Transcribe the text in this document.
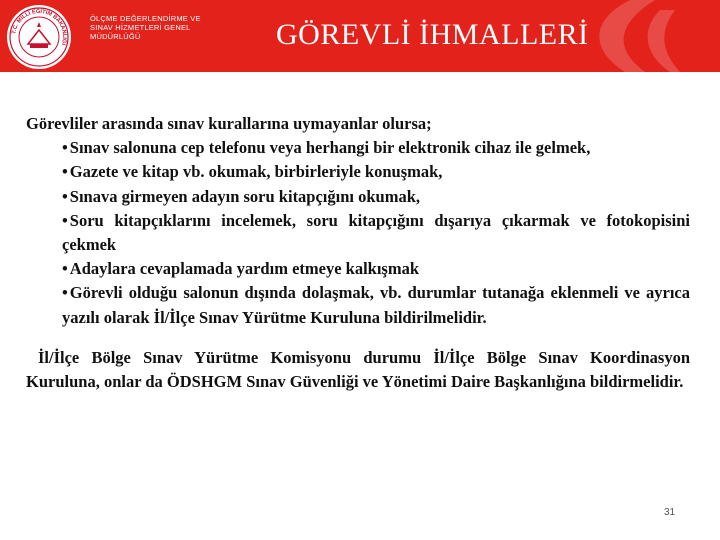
T.C. MİLLÎ EĞİTİM BAKANLIĞI
ÖLÇME DEĞERLENDİRME VE
SINAV HİZMETLERİ GENEL
MÜDÜRLÜĞÜ	GÖREVLİ İHMALLERİ
Görevliler arasında sınav kurallarına uymayanlar olursa;
• Sınav salonuna cep telefonu veya herhangi bir elektronik cihaz ile gelmek,
• Gazete ve kitap vb. okumak, birbirleriyle konuşmak,
• Sınava girmeyen adayın soru kitapçığını okumak,
• Soru kitapçıklarını incelemek, soru kitapçığını dışarıya çıkarmak ve fotokopisini çekmek
• Adaylara cevaplamada yardım etmeye kalkışmak
• Görevli olduğu salonun dışında dolaşmak, vb. durumlar tutanağa eklenmeli ve ayrıca yazılı olarak İl/İlçe Sınav Yürütme Kuruluna bildirilmelidir.
İl/İlçe Bölge Sınav Yürütme Komisyonu durumu İl/İlçe Bölge Sınav Koordinasyon Kuruluna, onlar da ÖDSHGM Sınav Güvenliği ve Yönetimi Daire Başkanlığına bildirmelidir.
31
